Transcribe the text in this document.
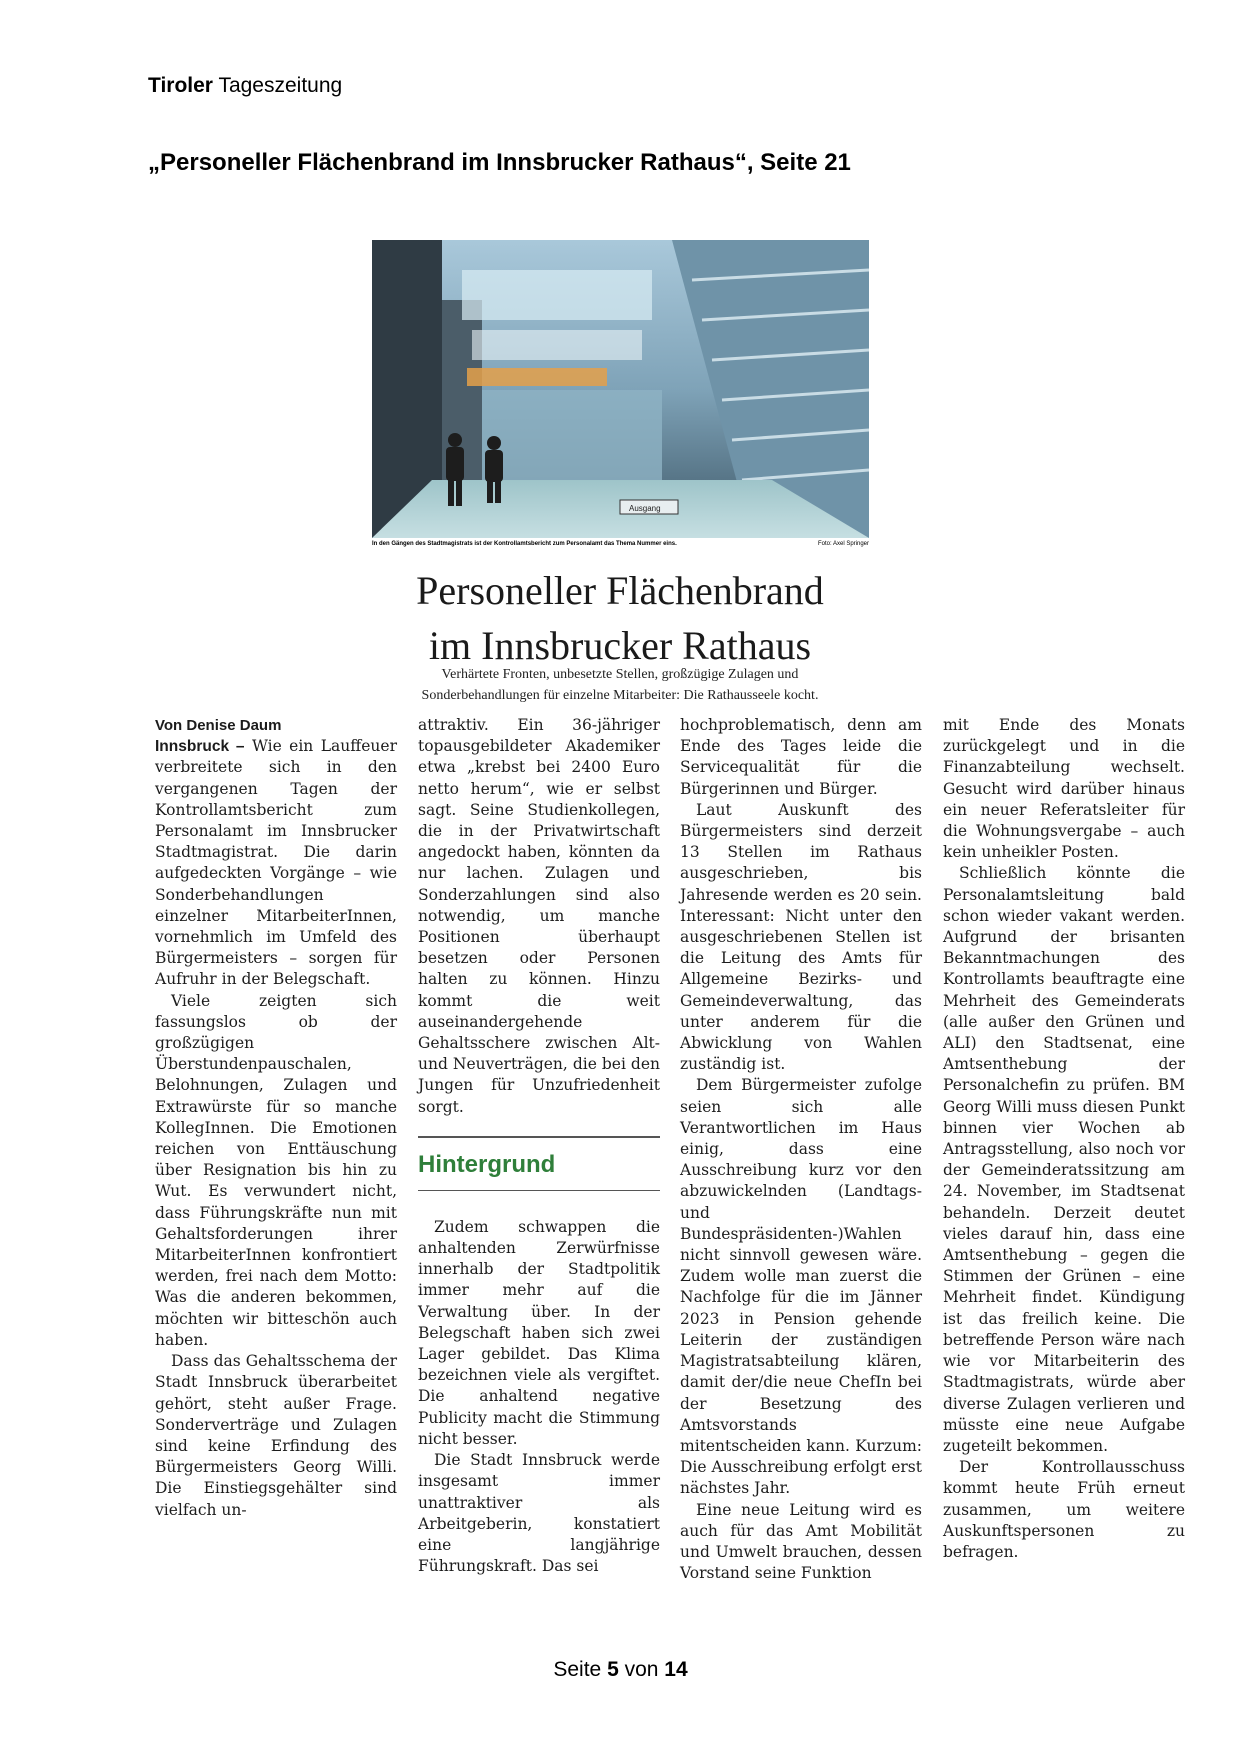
Tiroler Tageszeitung
„Personeller Flächenbrand im Innsbrucker Rathaus“, Seite 21
Ausgang
In den Gängen des Stadtmagistrats ist der Kontrollamtsbericht zum Personalamt das Thema Nummer eins.	Foto: Axel Springer
Personeller Flächenbrand
im Innsbrucker Rathaus
Verhärtete Fronten, unbesetzte Stellen, großzügige Zulagen und
Sonderbehandlungen für einzelne Mitarbeiter: Die Rathausseele kocht.

Von Denise Daum

Innsbruck – Wie ein Lauffeuer verbreitete sich in den vergangenen Tagen der Kontrollamtsbericht zum Personalamt im Innsbrucker Stadtmagistrat. Die darin aufgedeckten Vorgänge – wie Sonderbehandlungen einzelner MitarbeiterInnen, vornehmlich im Umfeld des Bürgermeisters – sorgen für Aufruhr in der Belegschaft.

Viele zeigten sich fassungslos ob der großzügigen Überstundenpauschalen, Belohnungen, Zulagen und Extrawürste für so manche KollegInnen. Die Emotionen reichen von Enttäuschung über Resignation bis hin zu Wut. Es verwundert nicht, dass Führungskräfte nun mit Gehaltsforderungen ihrer MitarbeiterInnen konfrontiert werden, frei nach dem Motto: Was die anderen bekommen, möchten wir bitteschön auch haben.

Dass das Gehaltsschema der Stadt Innsbruck überarbeitet gehört, steht außer Frage. Sonderverträge und Zulagen sind keine Erfindung des Bürgermeisters Georg Willi. Die Einstiegsgehälter sind vielfach un-

attraktiv. Ein 36-jähriger topausgebildeter Akademiker etwa „krebst bei 2400 Euro netto herum“, wie er selbst sagt. Seine Studienkollegen, die in der Privatwirtschaft angedockt haben, könnten da nur lachen. Zulagen und Sonderzahlungen sind also notwendig, um manche Positionen überhaupt besetzen oder Personen halten zu können. Hinzu kommt die weit auseinandergehende Gehaltsschere zwischen Alt- und Neuverträgen, die bei den Jungen für Unzufriedenheit sorgt.

Hintergrund

Zudem schwappen die anhaltenden Zerwürfnisse innerhalb der Stadtpolitik immer mehr auf die Verwaltung über. In der Belegschaft haben sich zwei Lager gebildet. Das Klima bezeichnen viele als vergiftet. Die anhaltend negative Publicity macht die Stimmung nicht besser.

Die Stadt Innsbruck werde insgesamt immer unattraktiver als Arbeitgeberin, konstatiert eine langjährige Führungskraft. Das sei

hochproblematisch, denn am Ende des Tages leide die Servicequalität für die Bürgerinnen und Bürger.

Laut Auskunft des Bürgermeisters sind derzeit 13 Stellen im Rathaus ausgeschrieben, bis Jahresende werden es 20 sein. Interessant: Nicht unter den ausgeschriebenen Stellen ist die Leitung des Amts für Allgemeine Bezirks- und Gemeindeverwaltung, das unter anderem für die Abwicklung von Wahlen zuständig ist.

Dem Bürgermeister zufolge seien sich alle Verantwortlichen im Haus einig, dass eine Ausschreibung kurz vor den abzuwickelnden (Landtags- und Bundespräsidenten-)Wahlen nicht sinnvoll gewesen wäre. Zudem wolle man zuerst die Nachfolge für die im Jänner 2023 in Pension gehende Leiterin der zuständigen Magistratsabteilung klären, damit der/die neue ChefIn bei der Besetzung des Amtsvorstands mitentscheiden kann. Kurzum: Die Ausschreibung erfolgt erst nächstes Jahr.

Eine neue Leitung wird es auch für das Amt Mobilität und Umwelt brauchen, dessen Vorstand seine Funktion

mit Ende des Monats zurückgelegt und in die Finanzabteilung wechselt. Gesucht wird darüber hinaus ein neuer Referatsleiter für die Wohnungsvergabe – auch kein unheikler Posten.

Schließlich könnte die Personalamtsleitung bald schon wieder vakant werden. Aufgrund der brisanten Bekanntmachungen des Kontrollamts beauftragte eine Mehrheit des Gemeinderats (alle außer den Grünen und ALI) den Stadtsenat, eine Amtsenthebung der Personalchefin zu prüfen. BM Georg Willi muss diesen Punkt binnen vier Wochen ab Antragsstellung, also noch vor der Gemeinderatssitzung am 24. November, im Stadtsenat behandeln. Derzeit deutet vieles darauf hin, dass eine Amtsenthebung – gegen die Stimmen der Grünen – eine Mehrheit findet. Kündigung ist das freilich keine. Die betreffende Person wäre nach wie vor Mitarbeiterin des Stadtmagistrats, würde aber diverse Zulagen verlieren und müsste eine neue Aufgabe zugeteilt bekommen.

Der Kontrollausschuss kommt heute Früh erneut zusammen, um weitere Auskunftspersonen zu befragen.

Seite 5 von 14
